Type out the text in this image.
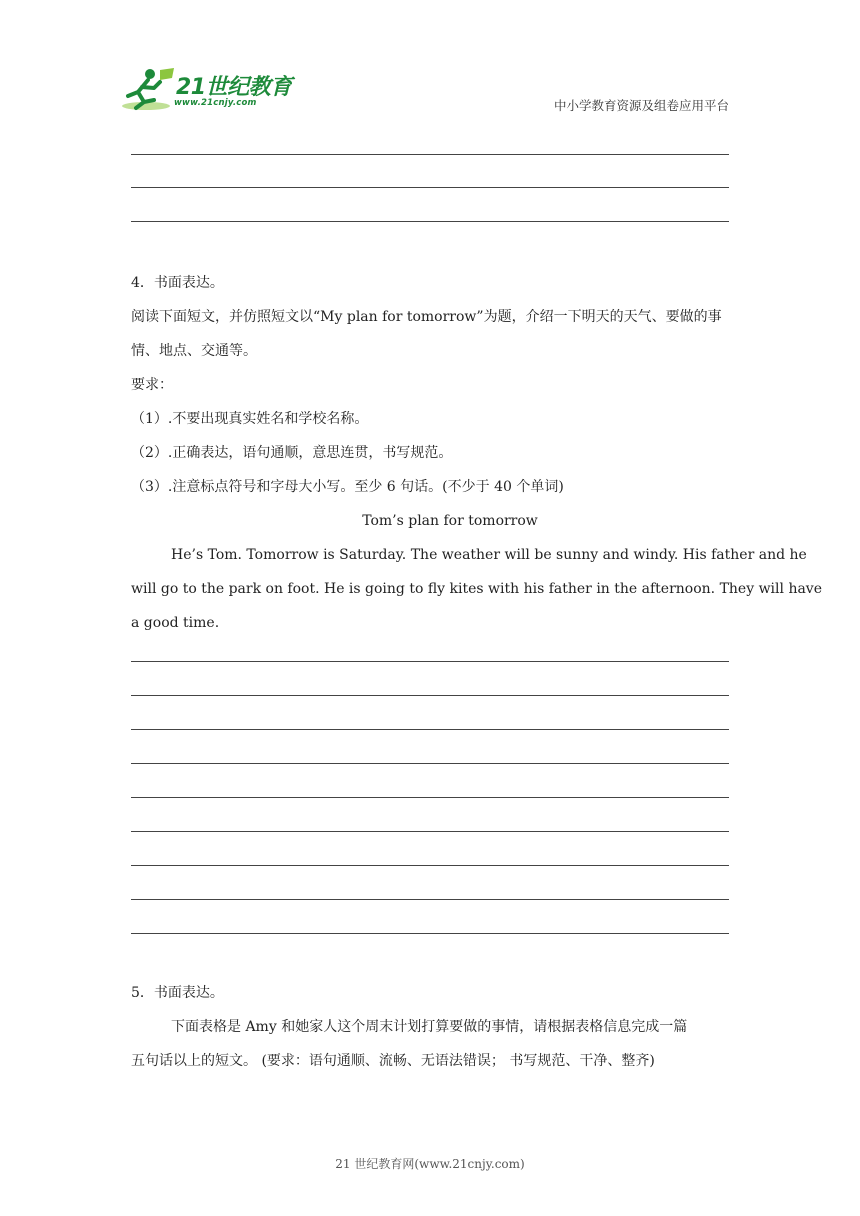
21世纪教育
www.21cnjy.com	中小学教育资源及组卷应用平台
4．书面表达。
阅读下面短文，并仿照短文以“My plan for tomorrow”为题，介绍一下明天的天气、要做的事
情、地点、交通等。
要求：
（1）.不要出现真实姓名和学校名称。
（2）.正确表达，语句通顺，意思连贯，书写规范。
（3）.注意标点符号和字母大小写。至少 6 句话。(不少于 40 个单词)
Tom’s plan for tomorrow
He’s Tom. Tomorrow is Saturday. The weather will be sunny and windy. His father and he
will go to the park on foot. He is going to fly kites with his father in the afternoon. They will have
a good time.
5．书面表达。
下面表格是 Amy 和她家人这个周末计划打算要做的事情，请根据表格信息完成一篇
五句话以上的短文。 (要求：语句通顺、流畅、无语法错误； 书写规范、干净、整齐)
21 世纪教育网(www.21cnjy.com)
